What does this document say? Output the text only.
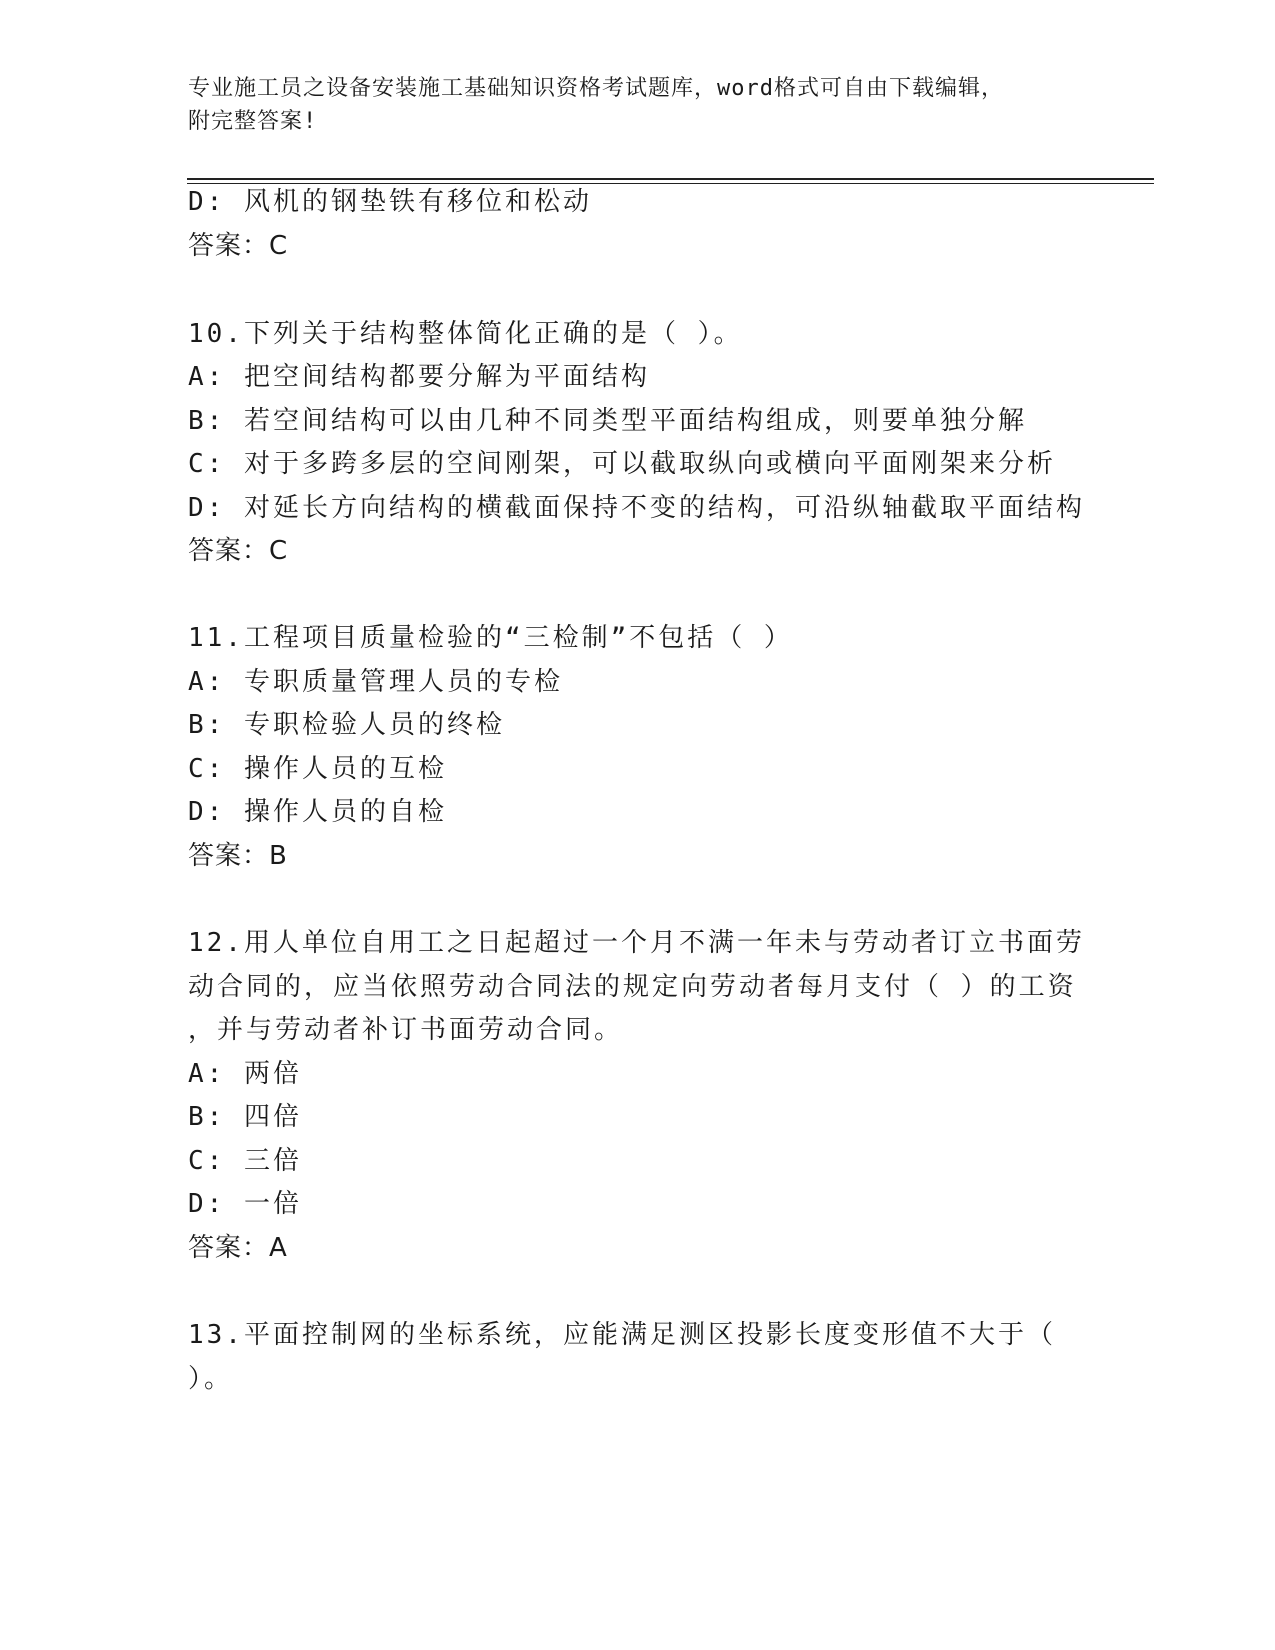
专业施工员之设备安装施工基础知识资格考试题库，word格式可自由下载编辑，
附完整答案!
D: 风机的钢垫铁有移位和松动
答案：C
10.下列关于结构整体简化正确的是（ ）。
A: 把空间结构都要分解为平面结构
B: 若空间结构可以由几种不同类型平面结构组成，则要单独分解
C: 对于多跨多层的空间刚架，可以截取纵向或横向平面刚架来分析
D: 对延长方向结构的横截面保持不变的结构，可沿纵轴截取平面结构
答案：C
11.工程项目质量检验的“三检制”不包括（ ）
A: 专职质量管理人员的专检
B: 专职检验人员的终检
C: 操作人员的互检
D: 操作人员的自检
答案：B
12.用人单位自用工之日起超过一个月不满一年未与劳动者订立书面劳
动合同的，应当依照劳动合同法的规定向劳动者每月支付（ ）的工资
，并与劳动者补订书面劳动合同。
A: 两倍
B: 四倍
C: 三倍
D: 一倍
答案：A
13.平面控制网的坐标系统，应能满足测区投影长度变形值不大于（
）。
